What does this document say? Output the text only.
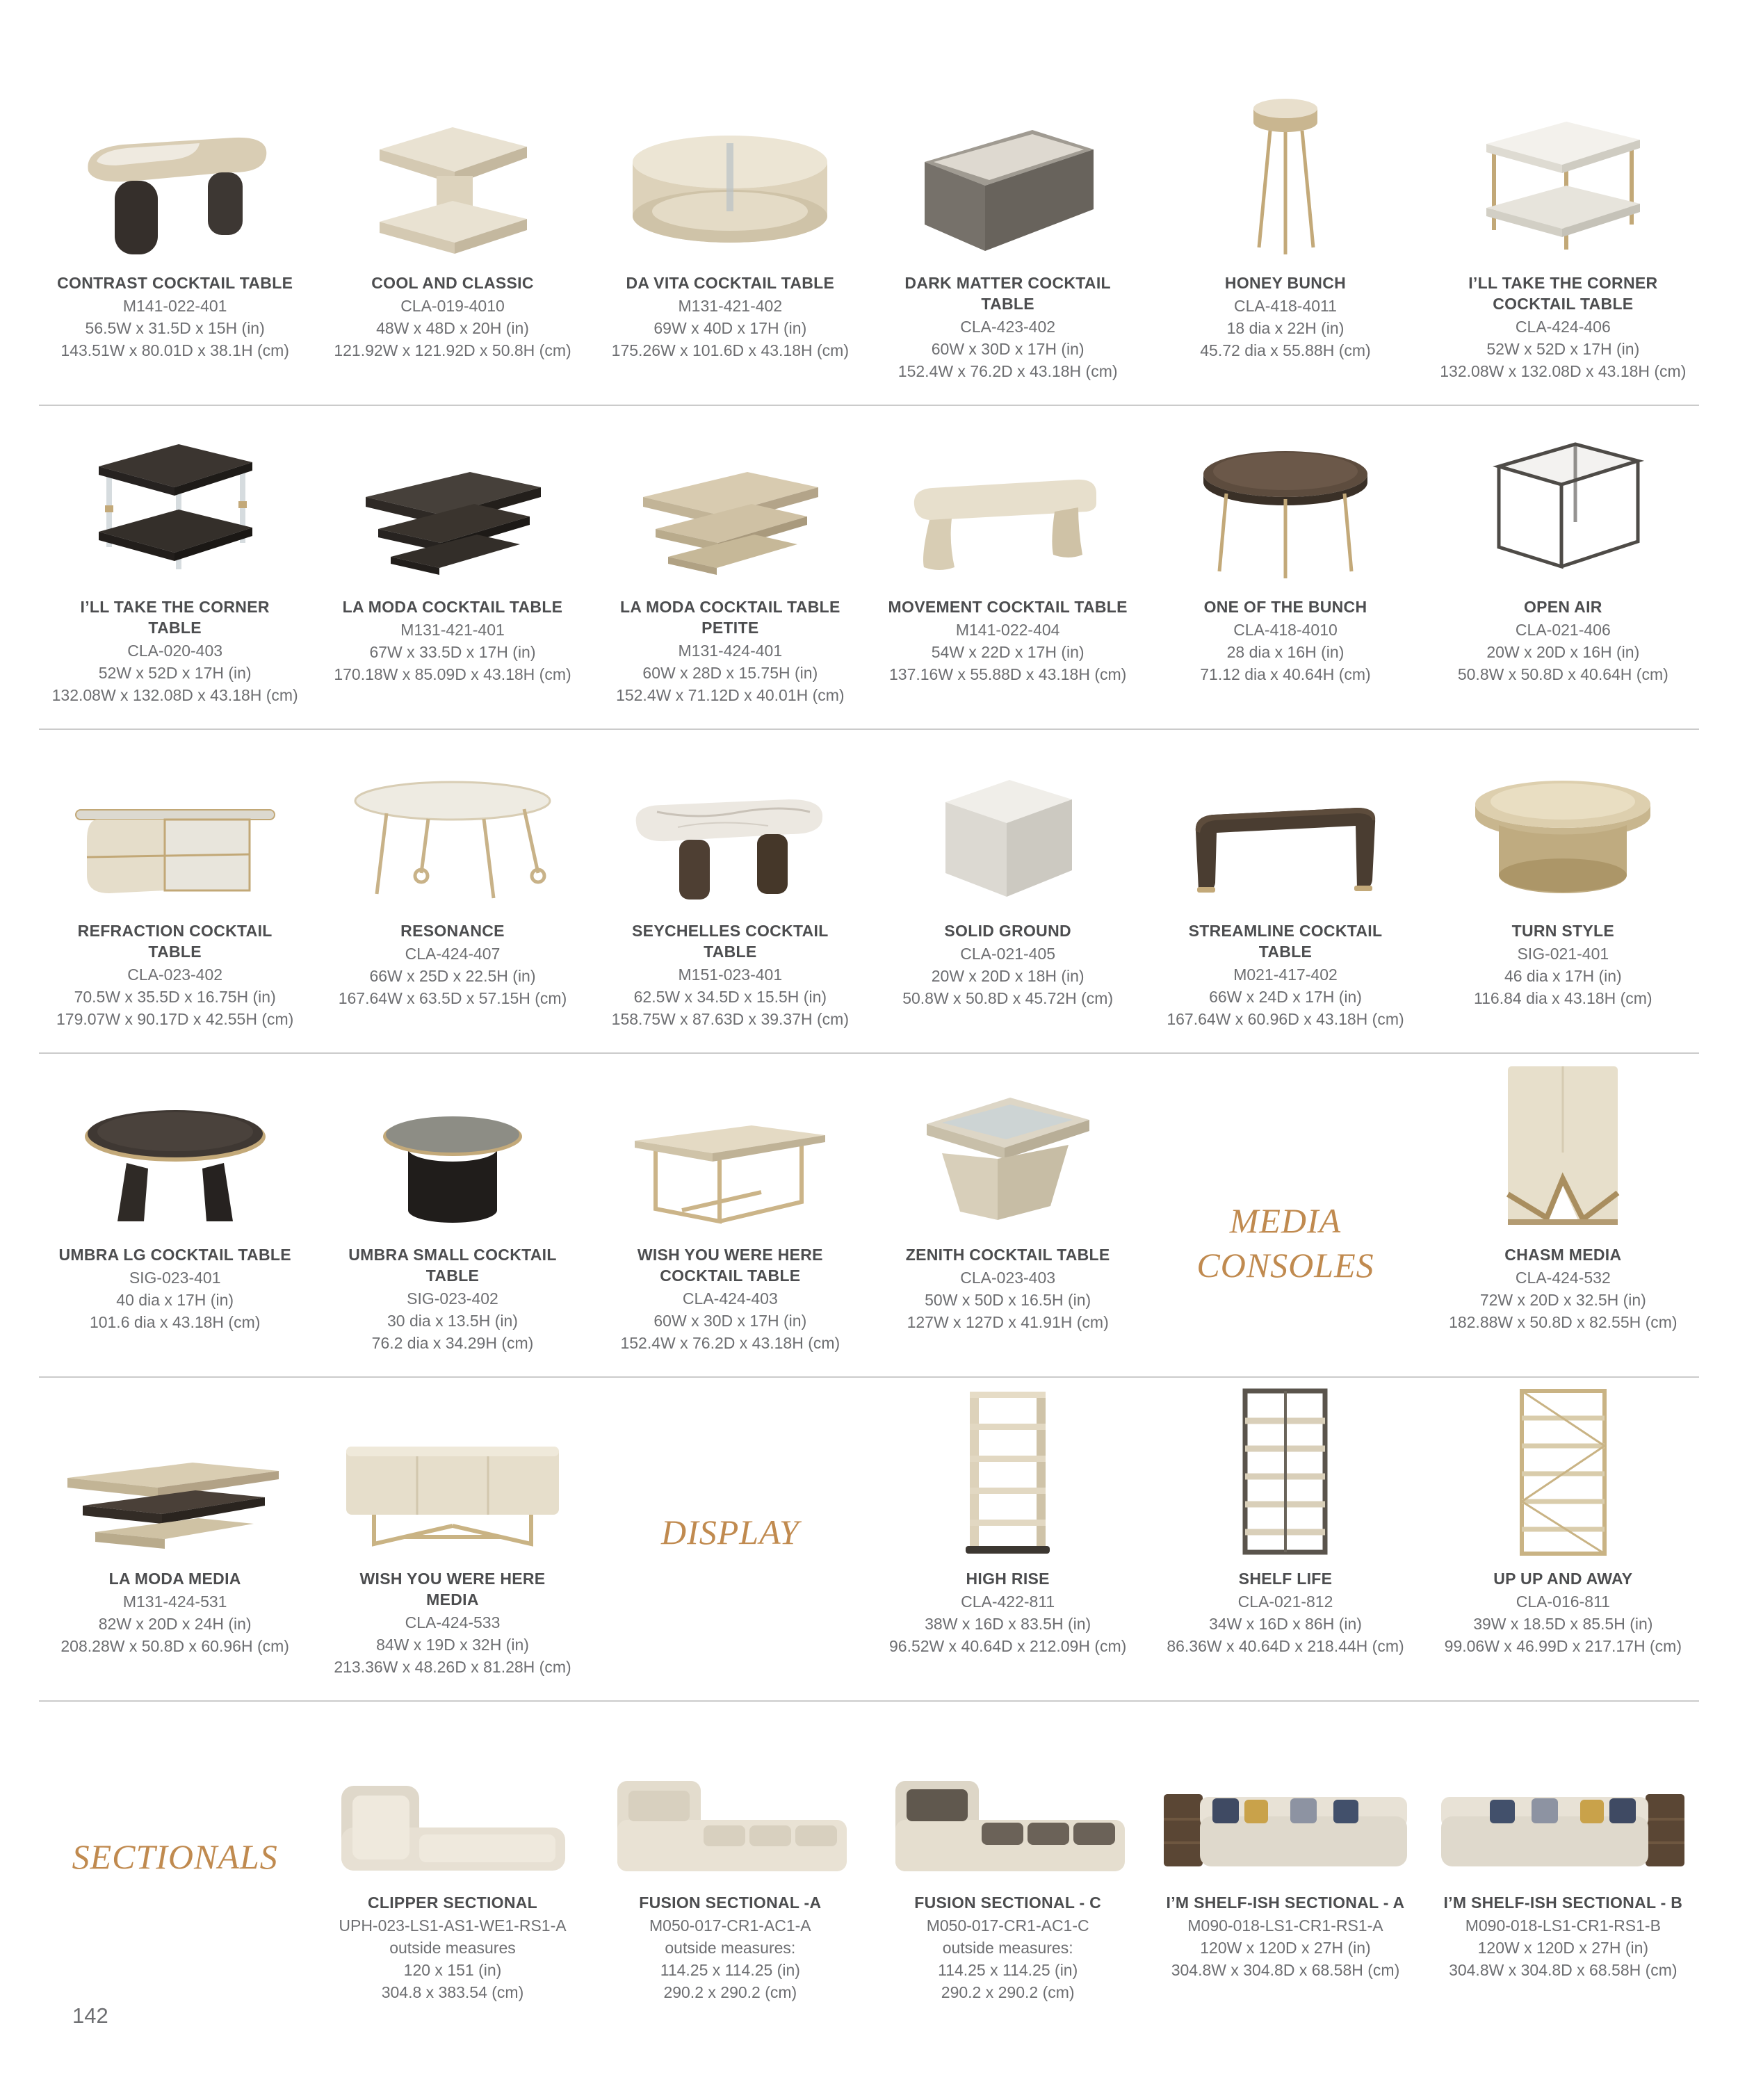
CONTRAST COCKTAIL TABLE
M141-022-401
56.5W x 31.5D x 15H (in)
143.51W x 80.01D x 38.1H (cm)
COOL AND CLASSIC
CLA-019-4010
48W x 48D x 20H (in)
121.92W x 121.92D x 50.8H (cm)
DA VITA COCKTAIL TABLE
M131-421-402
69W x 40D x 17H (in)
175.26W x 101.6D x 43.18H (cm)
DARK MATTER COCKTAIL TABLE
CLA-423-402
60W x 30D x 17H (in)
152.4W x 76.2D x 43.18H (cm)
HONEY BUNCH
CLA-418-4011
18 dia x 22H (in)
45.72 dia x 55.88H (cm)
I’LL TAKE THE CORNER COCKTAIL TABLE
CLA-424-406
52W x 52D x 17H (in)
132.08W x 132.08D x 43.18H (cm)
I’LL TAKE THE CORNER TABLE
CLA-020-403
52W x 52D x 17H (in)
132.08W x 132.08D x 43.18H (cm)
LA MODA COCKTAIL TABLE
M131-421-401
67W x 33.5D x 17H (in)
170.18W x 85.09D x 43.18H (cm)
LA MODA COCKTAIL TABLE PETITE
M131-424-401
60W x 28D x 15.75H (in)
152.4W x 71.12D x 40.01H (cm)
MOVEMENT COCKTAIL TABLE
M141-022-404
54W x 22D x 17H (in)
137.16W x 55.88D x 43.18H (cm)
ONE OF THE BUNCH
CLA-418-4010
28 dia x 16H (in)
71.12 dia x 40.64H (cm)
OPEN AIR
CLA-021-406
20W x 20D x 16H (in)
50.8W x 50.8D x 40.64H (cm)
REFRACTION COCKTAIL TABLE
CLA-023-402
70.5W x 35.5D x 16.75H (in)
179.07W x 90.17D x 42.55H (cm)
RESONANCE
CLA-424-407
66W x 25D x 22.5H (in)
167.64W x 63.5D x 57.15H (cm)
SEYCHELLES COCKTAIL TABLE
M151-023-401
62.5W x 34.5D x 15.5H (in)
158.75W x 87.63D x 39.37H (cm)
SOLID GROUND
CLA-021-405
20W x 20D x 18H (in)
50.8W x 50.8D x 45.72H (cm)
STREAMLINE COCKTAIL TABLE
M021-417-402
66W x 24D x 17H (in)
167.64W x 60.96D x 43.18H (cm)
TURN STYLE
SIG-021-401
46 dia x 17H (in)
116.84 dia x 43.18H (cm)
UMBRA LG COCKTAIL TABLE
SIG-023-401
40 dia x 17H (in)
101.6 dia x 43.18H (cm)
UMBRA SMALL COCKTAIL TABLE
SIG-023-402
30 dia x 13.5H (in)
76.2 dia x 34.29H (cm)
WISH YOU WERE HERE COCKTAIL TABLE
CLA-424-403
60W x 30D x 17H (in)
152.4W x 76.2D x 43.18H (cm)
ZENITH COCKTAIL TABLE
CLA-023-403
50W x 50D x 16.5H (in)
127W x 127D x 41.91H (cm)
MEDIA
CONSOLES	CHASM MEDIA
CLA-424-532
72W x 20D x 32.5H (in)
182.88W x 50.8D x 82.55H (cm)
LA MODA MEDIA
M131-424-531
82W x 20D x 24H (in)
208.28W x 50.8D x 60.96H (cm)
WISH YOU WERE HERE MEDIA
CLA-424-533
84W x 19D x 32H (in)
213.36W x 48.26D x 81.28H (cm)
DISPLAY
HIGH RISE
CLA-422-811
38W x 16D x 83.5H (in)
96.52W x 40.64D x 212.09H (cm)
SHELF LIFE
CLA-021-812
34W x 16D x 86H (in)
86.36W x 40.64D x 218.44H (cm)
UP UP AND AWAY
CLA-016-811
39W x 18.5D x 85.5H (in)
99.06W x 46.99D x 217.17H (cm)
SECTIONALS
CLIPPER SECTIONAL
UPH-023-LS1-AS1-WE1-RS1-A
outside measures
120 x 151 (in)
304.8 x 383.54 (cm)
FUSION SECTIONAL -A
M050-017-CR1-AC1-A
outside measures:
114.25 x 114.25 (in)
290.2 x 290.2 (cm)
FUSION SECTIONAL - C
M050-017-CR1-AC1-C
outside measures:
114.25 x 114.25 (in)
290.2 x 290.2 (cm)
I’M SHELF-ISH SECTIONAL - A
M090-018-LS1-CR1-RS1-A
120W x 120D x 27H (in)
304.8W x 304.8D x 68.58H (cm)
I’M SHELF-ISH SECTIONAL - B
M090-018-LS1-CR1-RS1-B
120W x 120D x 27H (in)
304.8W x 304.8D x 68.58H (cm)
142
